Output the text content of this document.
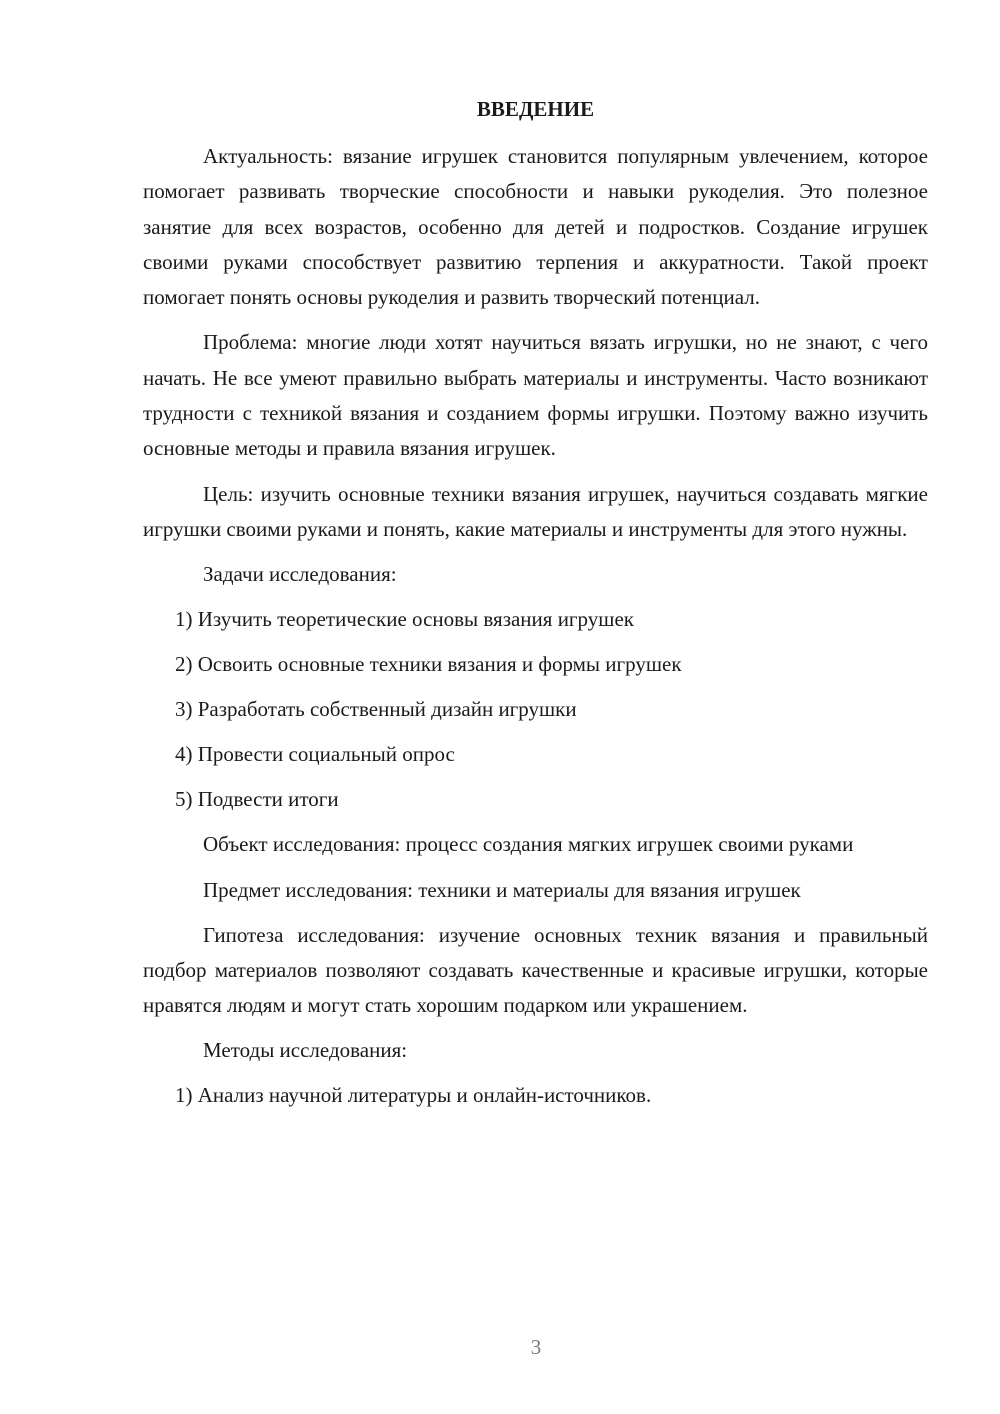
ВВЕДЕНИЕ

Актуальность: вязание игрушек становится популярным увлечением, которое помогает развивать творческие способности и навыки рукоделия. Это полезное занятие для всех возрастов, особенно для детей и подростков. Создание игрушек своими руками способствует развитию терпения и аккуратности. Такой проект помогает понять основы рукоделия и развить творческий потенциал.

Проблема: многие люди хотят научиться вязать игрушки, но не знают, с чего начать. Не все умеют правильно выбрать материалы и инструменты. Часто возникают трудности с техникой вязания и созданием формы игрушки. Поэтому важно изучить основные методы и правила вязания игрушек.

Цель: изучить основные техники вязания игрушек, научиться создавать мягкие игрушки своими руками и понять, какие материалы и инструменты для этого нужны.

Задачи исследования:

1) Изучить теоретические основы вязания игрушек
2) Освоить основные техники вязания и формы игрушек
3) Разработать собственный дизайн игрушки
4) Провести социальный опрос
5) Подвести итоги

Объект исследования: процесс создания мягких игрушек своими руками

Предмет исследования: техники и материалы для вязания игрушек

Гипотеза исследования: изучение основных техник вязания и правильный подбор материалов позволяют создавать качественные и красивые игрушки, которые нравятся людям и могут стать хорошим подарком или украшением.

Методы исследования:

1) Анализ научной литературы и онлайн-источников.
3
